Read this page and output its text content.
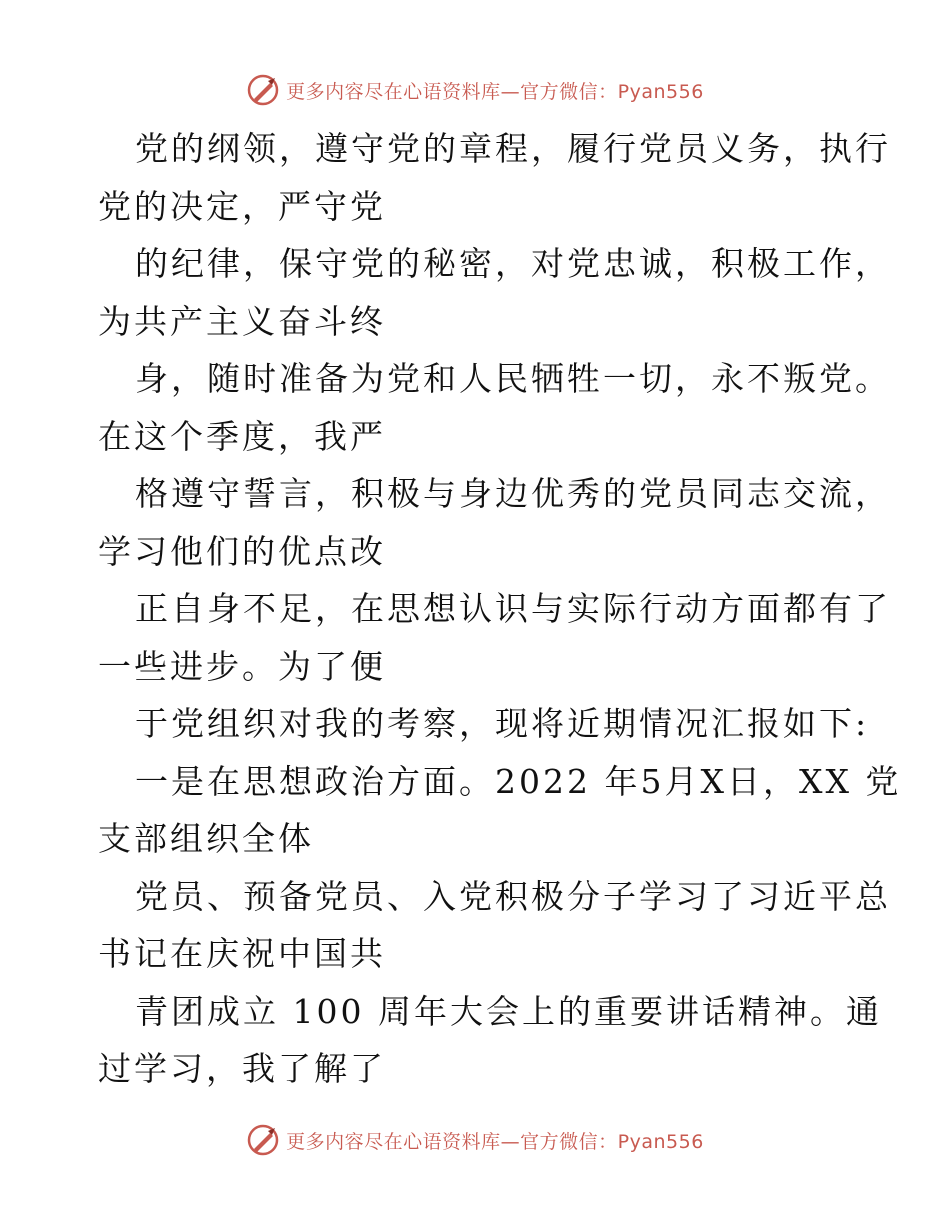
更多内容尽在心语资料库—官方微信：Pyan556
党的纲领，遵守党的章程，履行党员义务，执行
党的决定，严守党
的纪律，保守党的秘密，对党忠诚，积极工作，
为共产主义奋斗终
身，随时准备为党和人民牺牲一切，永不叛党。
在这个季度，我严
格遵守誓言，积极与身边优秀的党员同志交流，
学习他们的优点改
正自身不足，在思想认识与实际行动方面都有了
一些进步。为了便
于党组织对我的考察，现将近期情况汇报如下:
一是在思想政治方面。2022 年5月X日，XX 党
支部组织全体
党员、预备党员、入党积极分子学习了习近平总
书记在庆祝中国共
青团成立 100 周年大会上的重要讲话精神。通
过学习，我了解了
更多内容尽在心语资料库—官方微信：Pyan556
